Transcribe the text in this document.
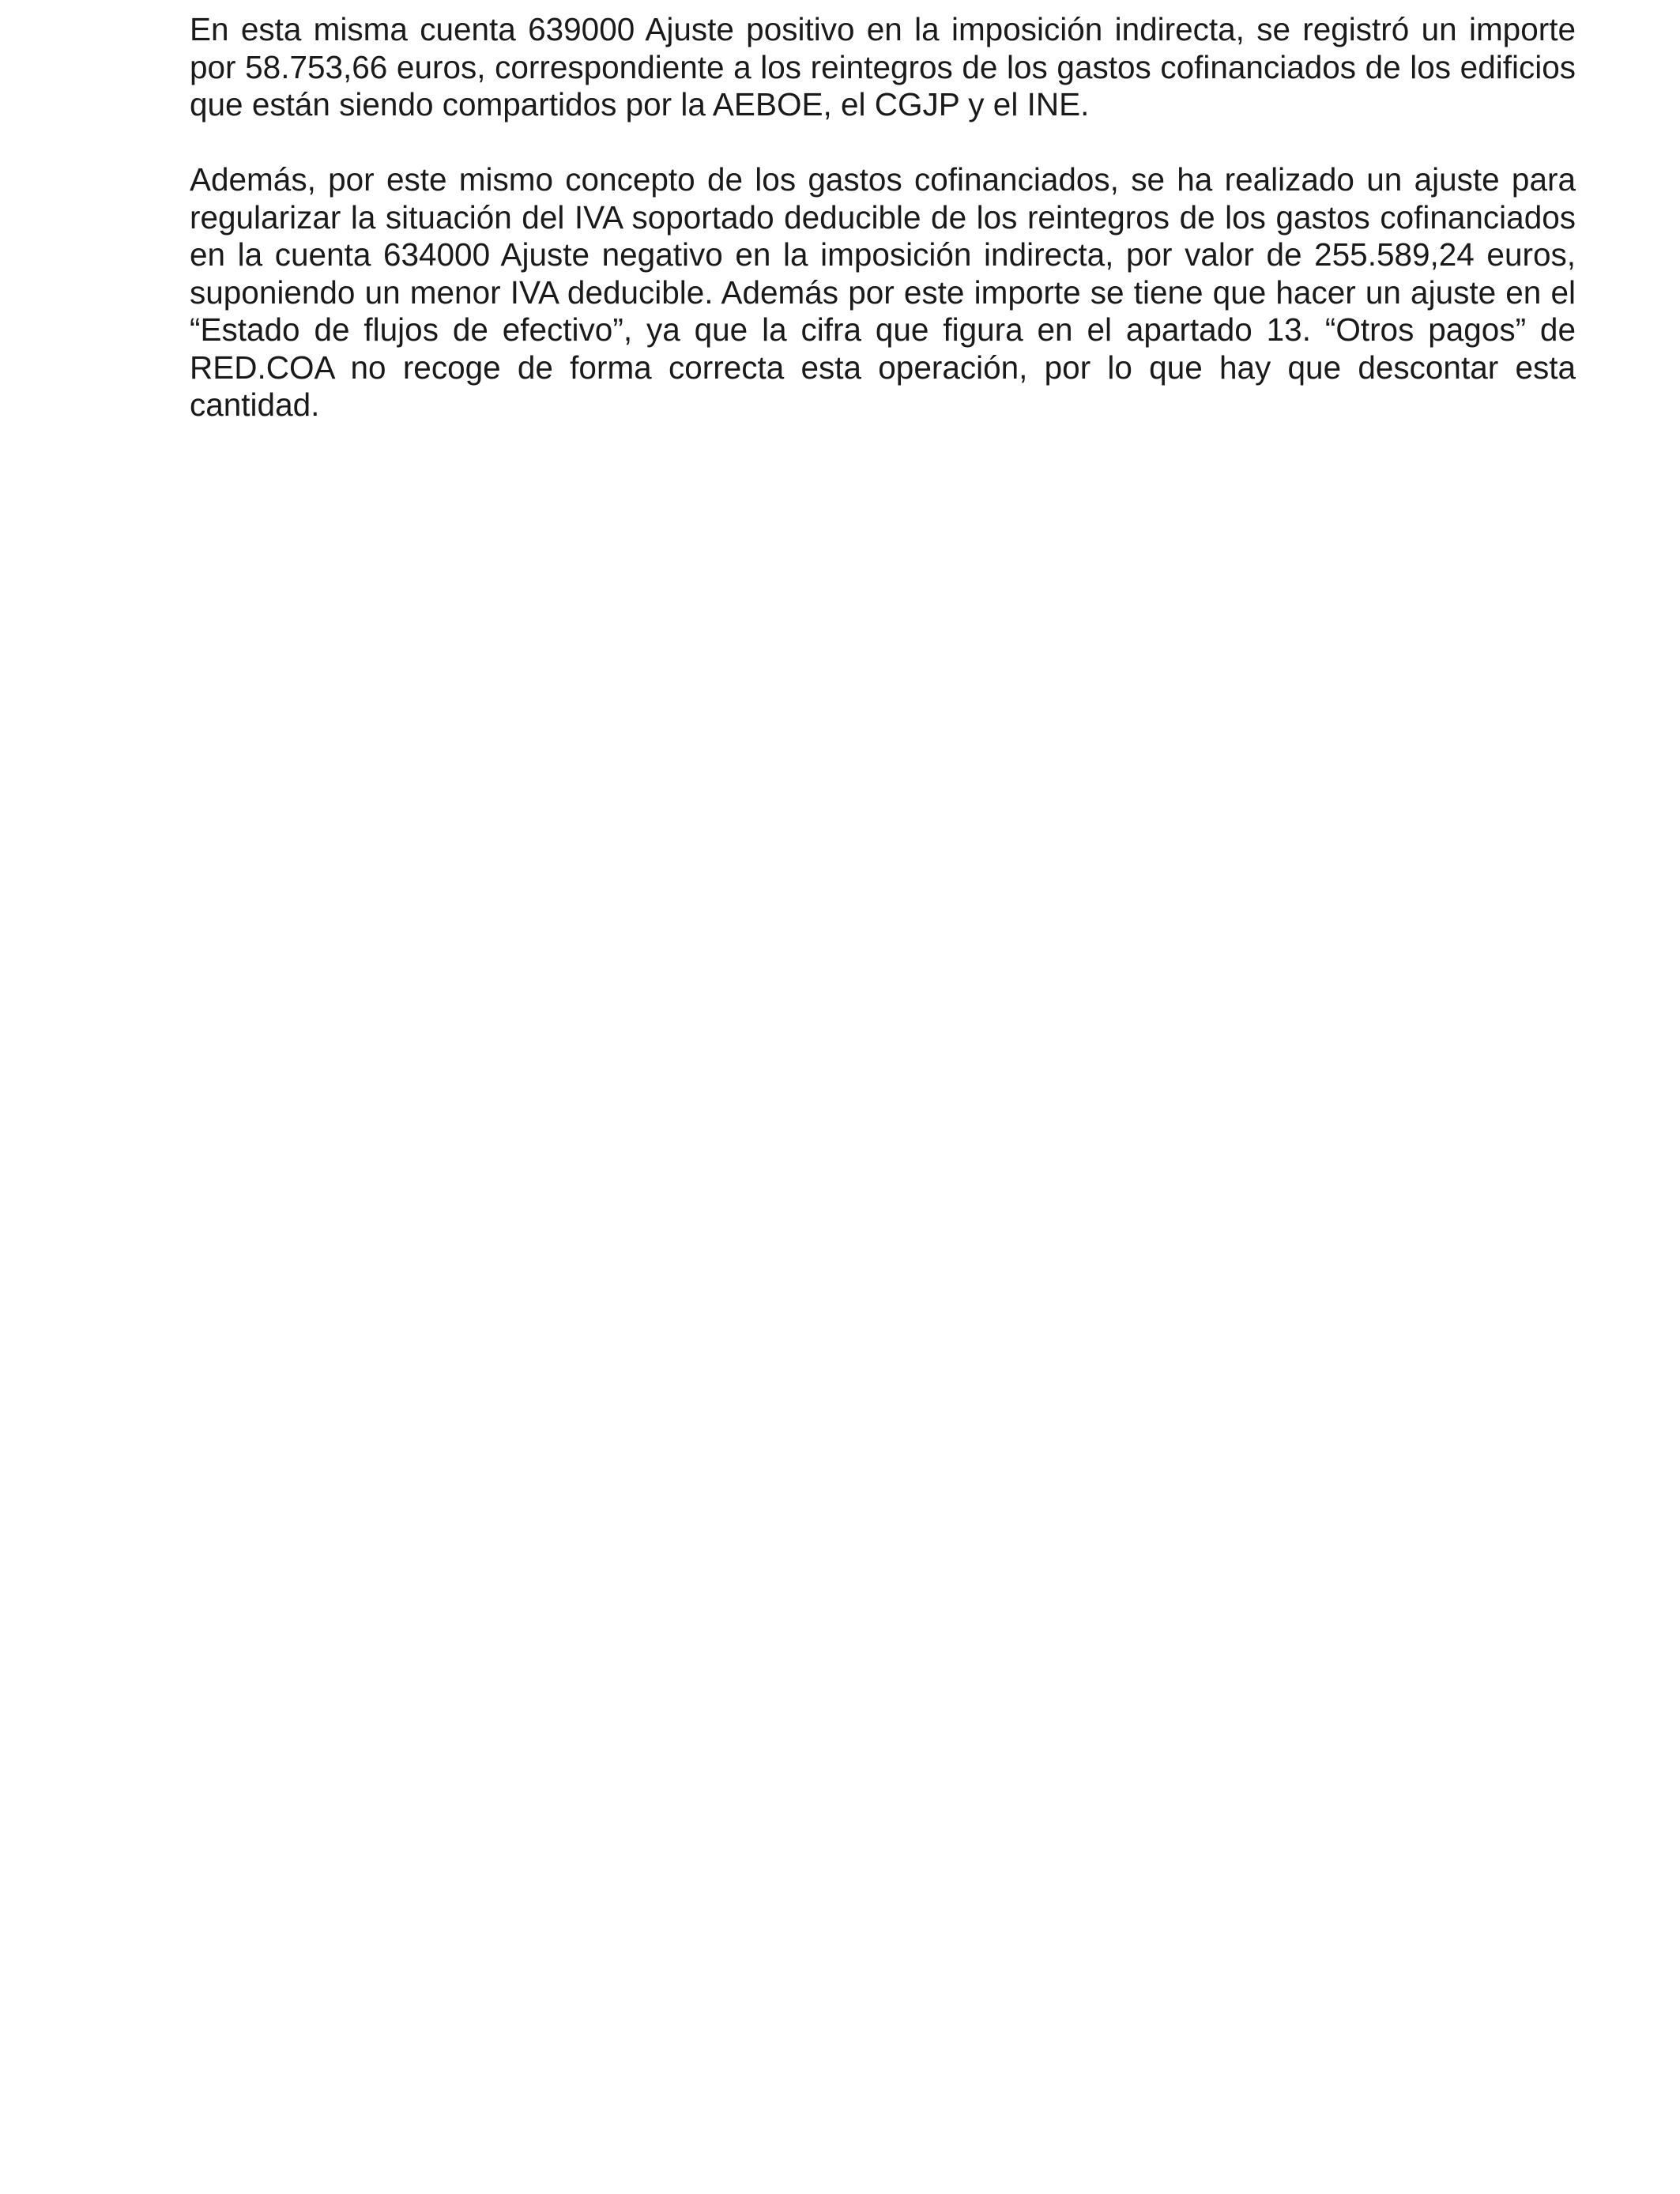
En esta misma cuenta 639000 Ajuste positivo en la imposición indirecta, se registró un importe por 58.753,66 euros, correspondiente a los reintegros de los gastos cofinanciados de los edificios que están siendo compartidos por la AEBOE, el CGJP y el INE.

Además, por este mismo concepto de los gastos cofinanciados, se ha realizado un ajuste para regularizar la situación del IVA soportado deducible de los reintegros de los gastos cofinanciados en la cuenta 634000 Ajuste negativo en la imposición indirecta, por valor de 255.589,24 euros, suponiendo un menor IVA deducible. Además por este importe se tiene que hacer un ajuste en el “Estado de flujos de efectivo”, ya que la cifra que figura en el apartado 13. “Otros pagos” de RED.COA no recoge de forma correcta esta operación, por lo que hay que descontar esta cantidad.
